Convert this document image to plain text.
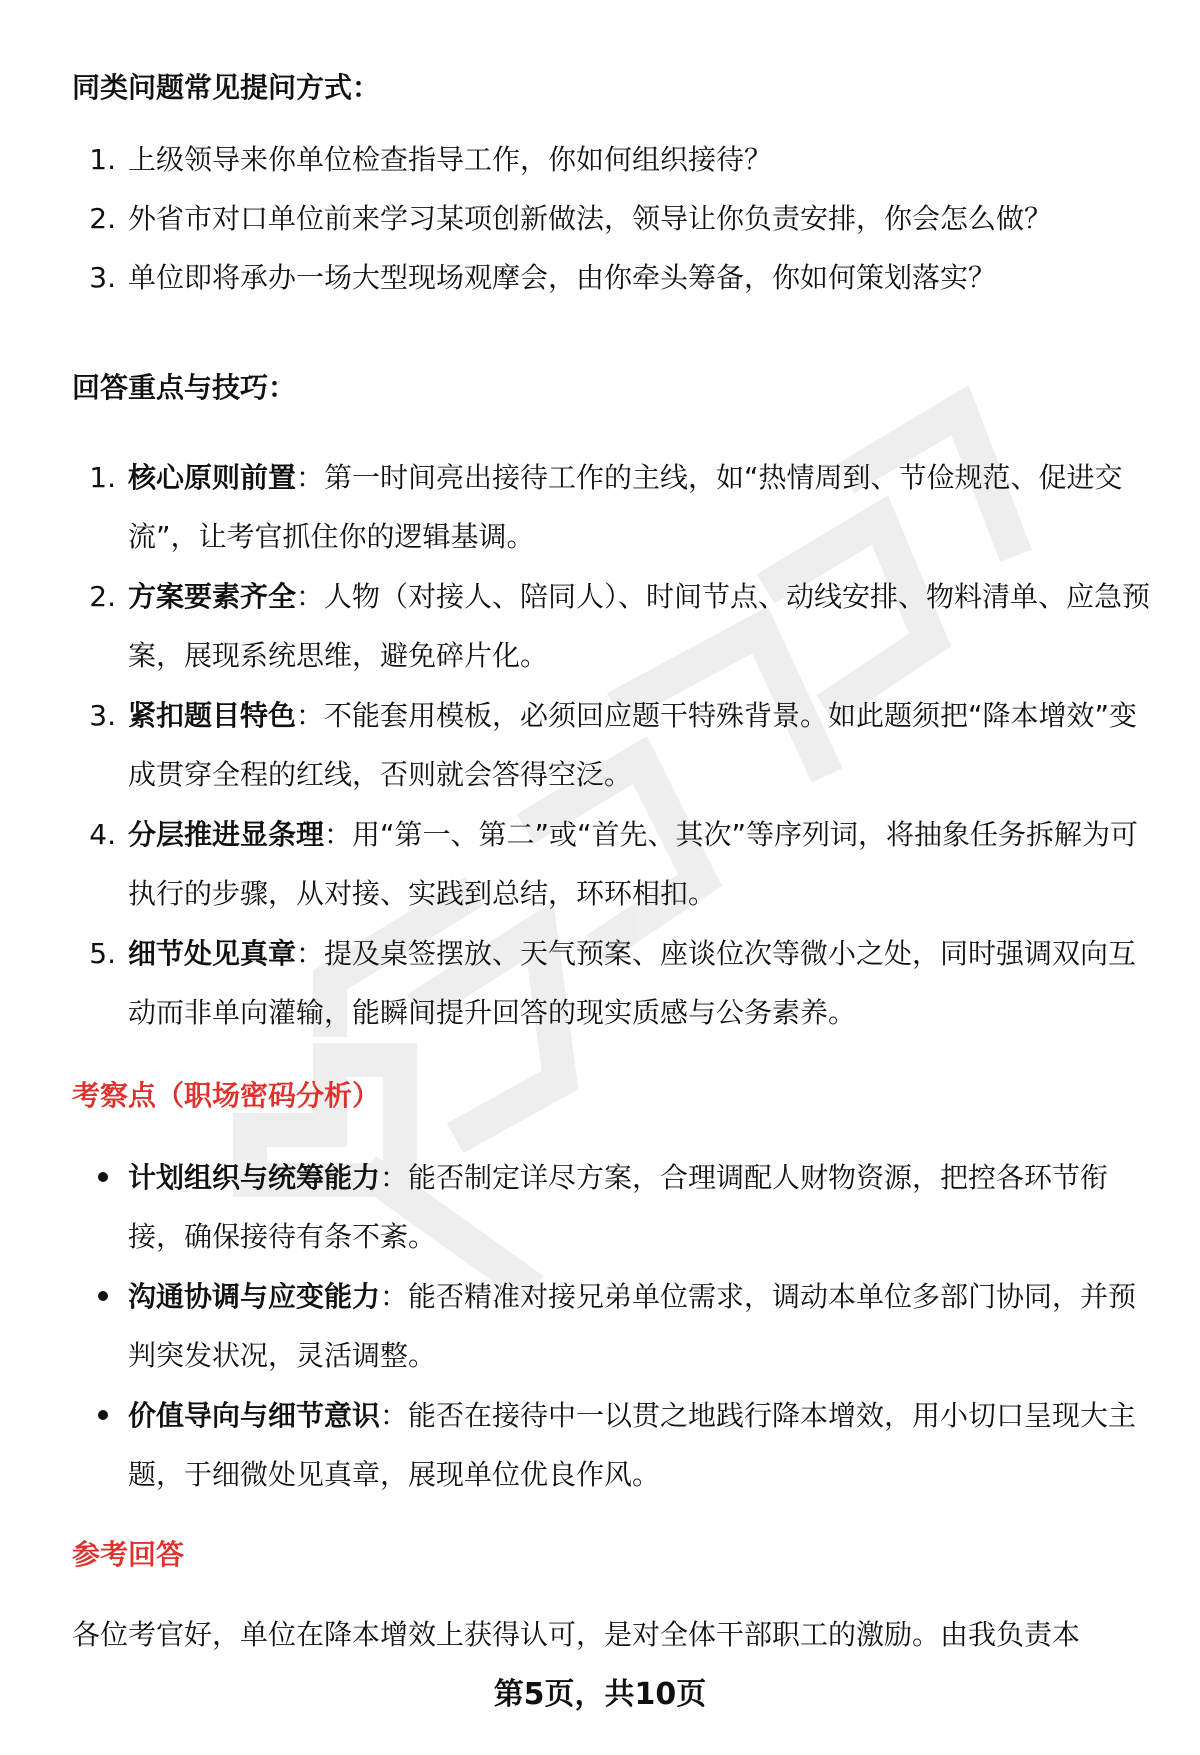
同类问题常见提问方式：
1. 上级领导来你单位检查指导工作，你如何组织接待？
2. 外省市对口单位前来学习某项创新做法，领导让你负责安排，你会怎么做？
3. 单位即将承办一场大型现场观摩会，由你牵头筹备，你如何策划落实？
回答重点与技巧：
1. 核心原则前置：第一时间亮出接待工作的主线，如“热情周到、节俭规范、促进交流”，让考官抓住你的逻辑基调。
2. 方案要素齐全：人物（对接人、陪同人）、时间节点、动线安排、物料清单、应急预案，展现系统思维，避免碎片化。
3. 紧扣题目特色：不能套用模板，必须回应题干特殊背景。如此题须把“降本增效”变成贯穿全程的红线，否则就会答得空泛。
4. 分层推进显条理：用“第一、第二”或“首先、其次”等序列词，将抽象任务拆解为可执行的步骤，从对接、实践到总结，环环相扣。
5. 细节处见真章：提及桌签摆放、天气预案、座谈位次等微小之处，同时强调双向互动而非单向灌输，能瞬间提升回答的现实质感与公务素养。
考察点（职场密码分析）
计划组织与统筹能力：能否制定详尽方案，合理调配人财物资源，把控各环节衔接，确保接待有条不紊。
沟通协调与应变能力：能否精准对接兄弟单位需求，调动本单位多部门协同，并预判突发状况，灵活调整。
价值导向与细节意识：能否在接待中一以贯之地践行降本增效，用小切口呈现大主题，于细微处见真章，展现单位优良作风。
参考回答

各位考官好，单位在降本增效上获得认可，是对全体干部职工的激励。由我负责本

第5页，共10页
